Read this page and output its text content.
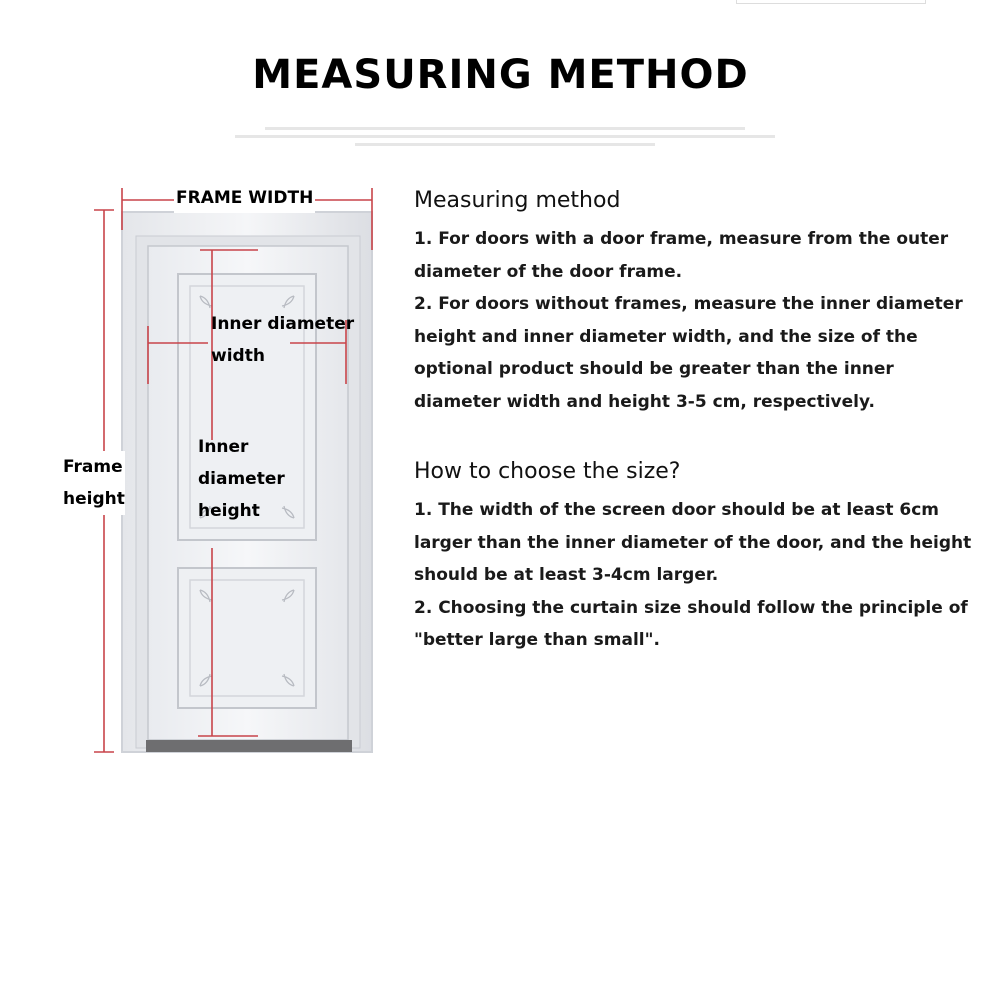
MEASURING METHOD
FRAME WIDTH
Inner diameter
width
Inner
diameter
height
Frame
height
Measuring method

1. For doors with a door frame, measure from the outer diameter of the door frame.

2. For doors without frames, measure the inner diameter height and inner diameter width, and the size of the optional product should be greater than the inner diameter width and height 3-5 cm, respectively.

How to choose the size?

1. The width of the screen door should be at least 6cm larger than the inner diameter of the door, and the height should be at least 3-4cm larger.

2. Choosing the curtain size should follow the principle of "better large than small".
